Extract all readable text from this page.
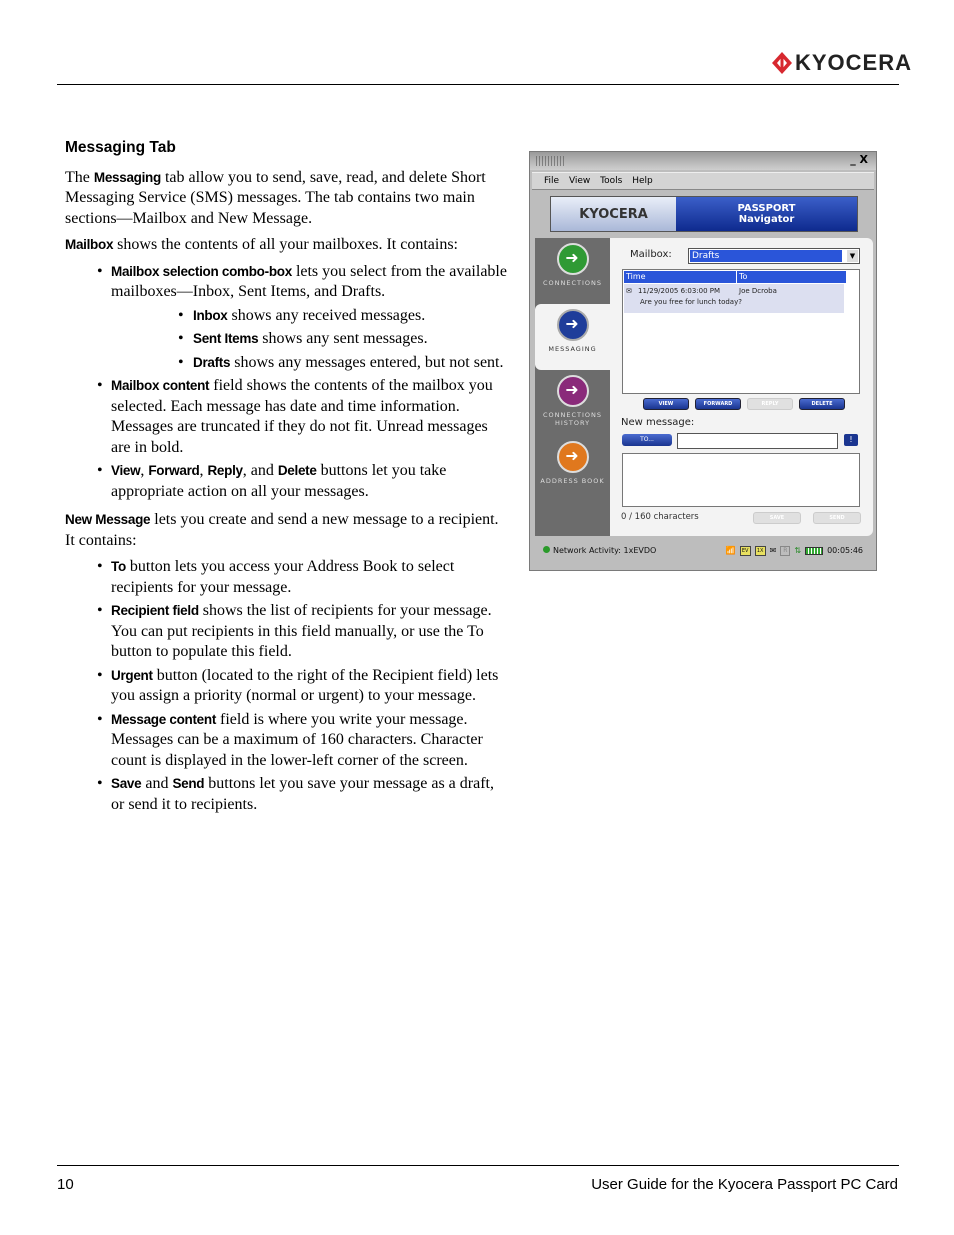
KYOCERA
Messaging Tab

The Messaging tab allow you to send, save, read, and delete Short Messaging Service (SMS) messages. The tab contains two main sections—Mailbox and New Message.

Mailbox shows the contents of all your mailboxes. It contains:

• Mailbox selection combo-box lets you select from the available mailboxes—Inbox, Sent Items, and Drafts.
• Inbox shows any received messages.
• Sent Items shows any sent messages.
• Drafts shows any messages entered, but not sent.
• Mailbox content field shows the contents of the mailbox you selected. Each message has date and time information. Messages are truncated if they do not fit. Unread messages are in bold.
• View, Forward, Reply, and Delete buttons let you take appropriate action on all your messages.

New Message lets you create and send a new message to a recipient. It contains:

• To button lets you access your Address Book to select recipients for your message.
• Recipient field shows the list of recipients for your message. You can put recipients in this field manually, or use the To button to populate this field.
• Urgent button (located to the right of the Recipient field) lets you assign a priority (normal or urgent) to your message.
• Message content field is where you write your message. Messages can be a maximum of 160 characters. Character count is displayed in the lower-left corner of the screen.
• Save and Send buttons let you save your message as a draft, or send it to recipients.
_ X
File View Tools Help
KYOCERA	PASSPORT
Navigator
➜
CONNECTIONS
➜
MESSAGING
➜
CONNECTIONS HISTORY
➜
ADDRESS BOOK
Mailbox: Drafts	▼
Time	To
✉ 11/29/2005 6:03:00 PM	Joe Dcroba
Are you free for lunch today?
VIEW	FORWARD	REPLY	DELETE
New message:
TO...	!
0 / 160 characters	SAVE	SEND
Network Activity: 1xEVDO	📶	EV	1X ✉	R ⇅	00:05:46
10	User Guide for the Kyocera Passport PC Card
